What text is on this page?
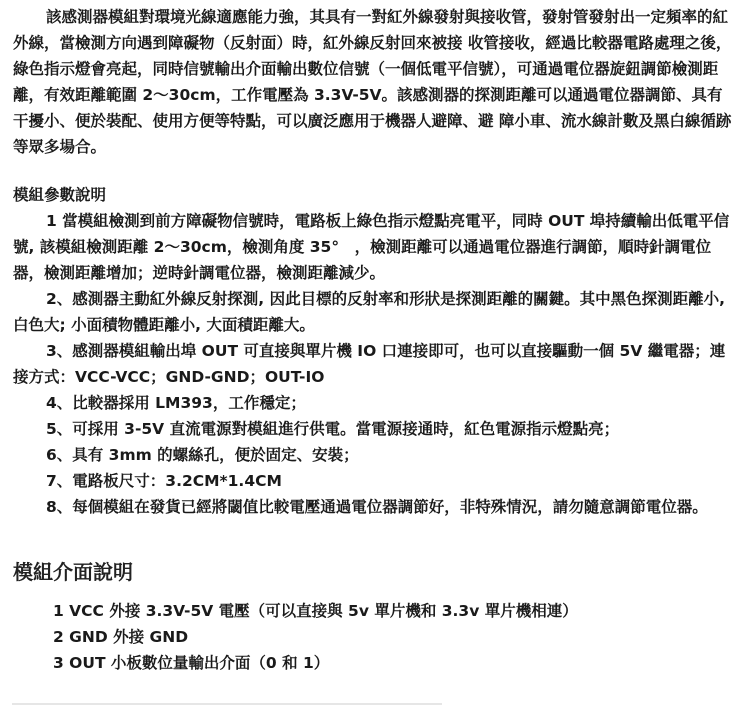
該感測器模組對環境光線適應能力強，其具有一對紅外線發射與接收管，發射管發射出一定頻率的紅外線，當檢測方向遇到障礙物（反射面）時，紅外線反射回來被接 收管接收，經過比較器電路處理之後，綠色指示燈會亮起，同時信號輸出介面輸出數位信號（一個低電平信號），可通過電位器旋鈕調節檢測距離，有效距離範圍 2～30cm，工作電壓為 3.3V-5V。該感測器的探測距離可以通過電位器調節、具有干擾小、便於裝配、使用方便等特點，可以廣泛應用于機器人避障、避 障小車、流水線計數及黑白線循跡等眾多場合。

模組參數說明

1 當模組檢測到前方障礙物信號時，電路板上綠色指示燈點亮電平，同時 OUT 埠持續輸出低電平信號, 該模組檢測距離 2～30cm，檢測角度 35°　，檢測距離可以通過電位器進行調節，順時針調電位器，檢測距離增加；逆時針調電位器，檢測距離減少。

2、感測器主動紅外線反射探測, 因此目標的反射率和形狀是探測距離的關鍵。其中黑色探測距離小, 白色大; 小面積物體距離小, 大面積距離大。

3、感測器模組輸出埠 OUT 可直接與單片機 IO 口連接即可，也可以直接驅動一個 5V 繼電器；連接方式：VCC-VCC；GND-GND；OUT-IO

4、比較器採用 LM393，工作穩定；

5、可採用 3-5V 直流電源對模組進行供電。當電源接通時，紅色電源指示燈點亮；

6、具有 3mm 的螺絲孔，便於固定、安裝；

7、電路板尺寸：3.2CM*1.4CM

8、每個模組在發貨已經將閾值比較電壓通過電位器調節好，非特殊情況，請勿隨意調節電位器。

模組介面說明

1 VCC 外接 3.3V-5V 電壓（可以直接與 5v 單片機和 3.3v 單片機相連）

2 GND 外接 GND

3 OUT 小板數位量輸出介面（0 和 1）
